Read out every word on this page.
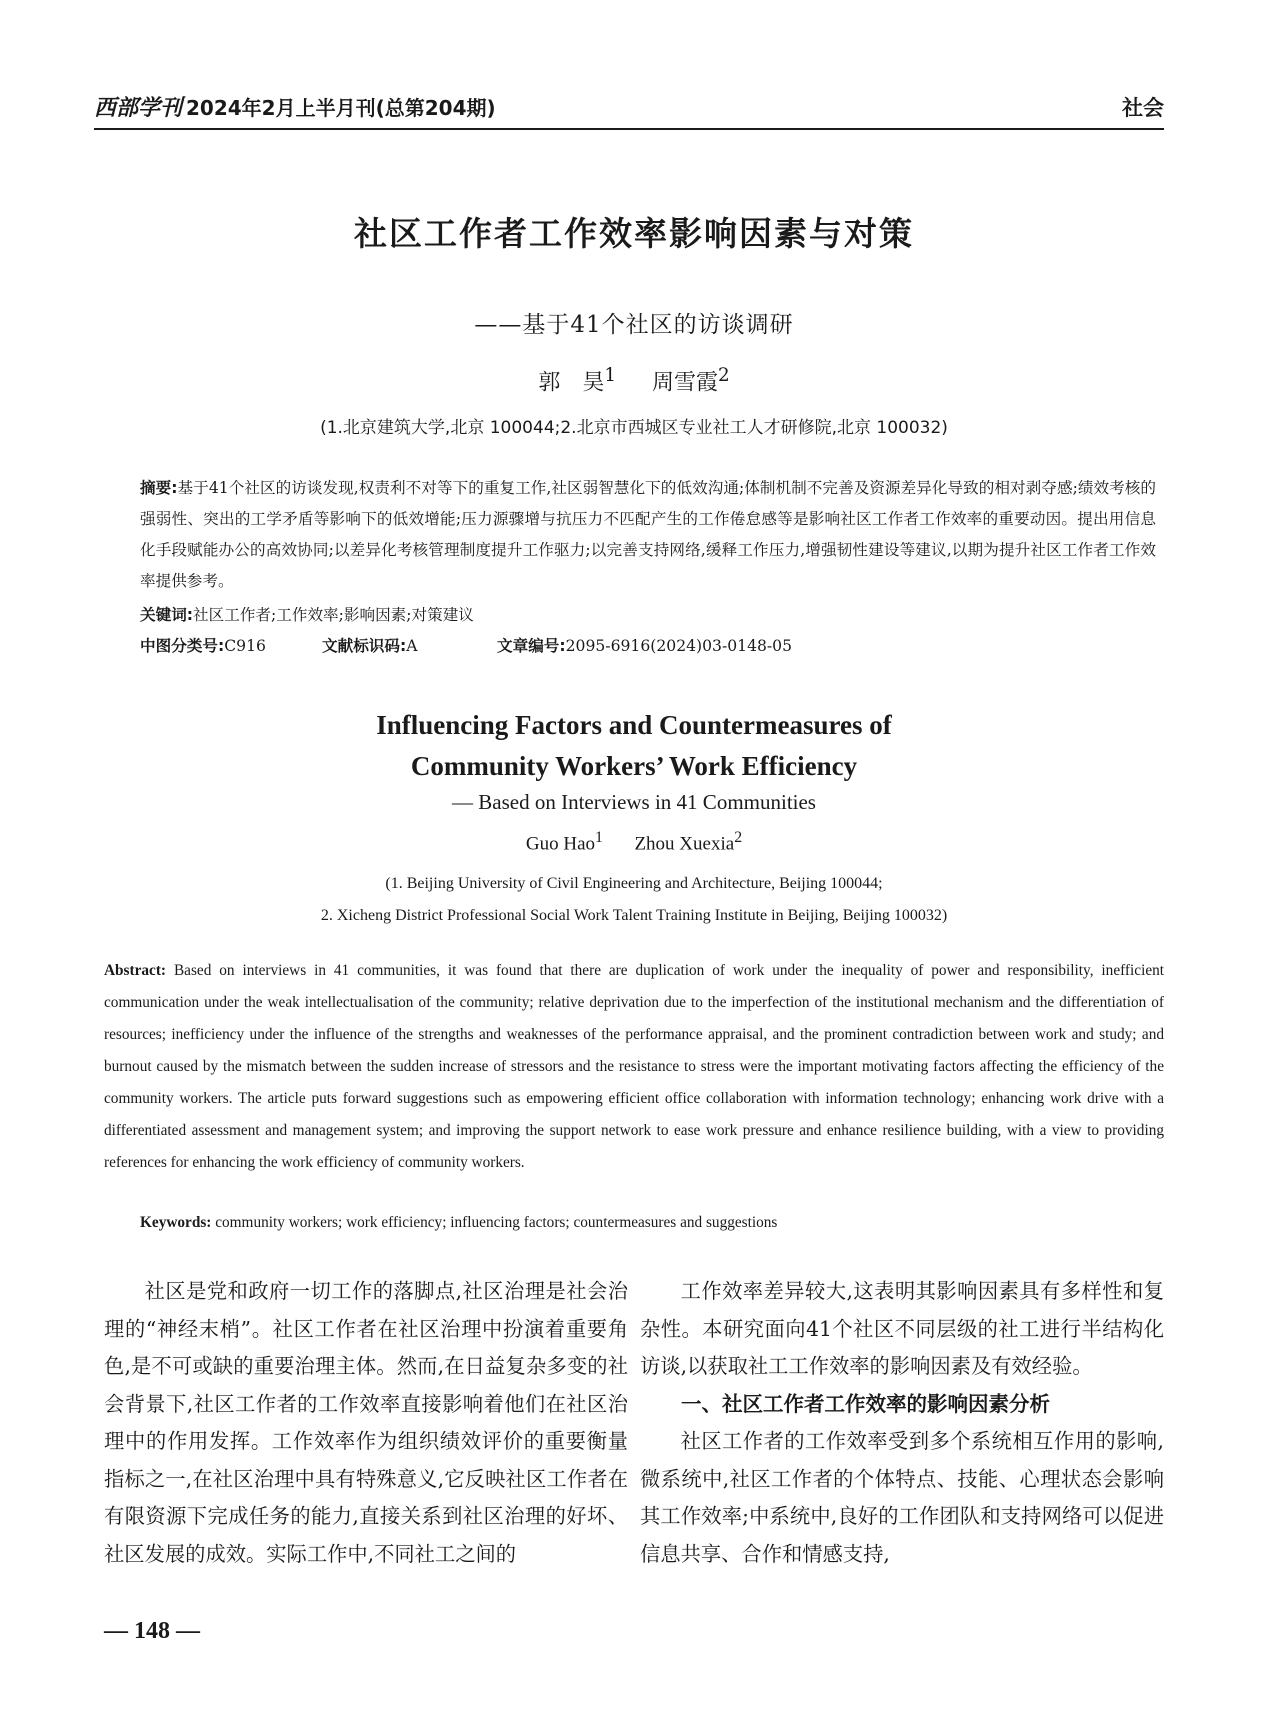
西部学刊 2024年2月上半月刊(总第204期)	社会
社区工作者工作效率影响因素与对策
——基于41个社区的访谈调研
郭　昊$^1$ 周雪霞$^2$
(1.北京建筑大学,北京 100044;2.北京市西城区专业社工人才研修院,北京 100032)
摘要:基于41个社区的访谈发现,权责利不对等下的重复工作,社区弱智慧化下的低效沟通;体制机制不完善及资源差异化导致的相对剥夺感;绩效考核的强弱性、突出的工学矛盾等影响下的低效增能;压力源骤增与抗压力不匹配产生的工作倦怠感等是影响社区工作者工作效率的重要动因。提出用信息化手段赋能办公的高效协同;以差异化考核管理制度提升工作驱力;以完善支持网络,缓释工作压力,增强韧性建设等建议,以期为提升社区工作者工作效率提供参考。
关键词:社区工作者;工作效率;影响因素;对策建议
中图分类号:C916	文献标识码:A	文章编号:2095-6916(2024)03-0148-05
Influencing Factors and Countermeasures of
Community Workers’ Work Efficiency
— Based on Interviews in 41 Communities
Guo Hao$^1$ Zhou Xuexia$^2$
(1. Beijing University of Civil Engineering and Architecture, Beijing 100044;
2. Xicheng District Professional Social Work Talent Training Institute in Beijing, Beijing 100032)
Abstract: Based on interviews in 41 communities, it was found that there are duplication of work under the inequality of power and responsibility, inefficient communication under the weak intellectualisation of the community; relative deprivation due to the imperfection of the institutional mechanism and the differentiation of resources; inefficiency under the influence of the strengths and weaknesses of the performance appraisal, and the prominent contradiction between work and study; and burnout caused by the mismatch between the sudden increase of stressors and the resistance to stress were the important motivating factors affecting the efficiency of the community workers. The article puts forward suggestions such as empowering efficient office collaboration with information technology; enhancing work drive with a differentiated assessment and management system; and improving the support network to ease work pressure and enhance resilience building, with a view to providing references for enhancing the work efficiency of community workers.
Keywords: community workers; work efficiency; influencing factors; countermeasures and suggestions

社区是党和政府一切工作的落脚点,社区治理是社会治理的“神经末梢”。社区工作者在社区治理中扮演着重要角色,是不可或缺的重要治理主体。然而,在日益复杂多变的社会背景下,社区工作者的工作效率直接影响着他们在社区治理中的作用发挥。工作效率作为组织绩效评价的重要衡量指标之一,在社区治理中具有特殊意义,它反映社区工作者在有限资源下完成任务的能力,直接关系到社区治理的好坏、社区发展的成效。实际工作中,不同社工之间的

工作效率差异较大,这表明其影响因素具有多样性和复杂性。本研究面向41个社区不同层级的社工进行半结构化访谈,以获取社工工作效率的影响因素及有效经验。

一、社区工作者工作效率的影响因素分析

社区工作者的工作效率受到多个系统相互作用的影响,微系统中,社区工作者的个体特点、技能、心理状态会影响其工作效率;中系统中,良好的工作团队和支持网络可以促进信息共享、合作和情感支持,

— 148 —
